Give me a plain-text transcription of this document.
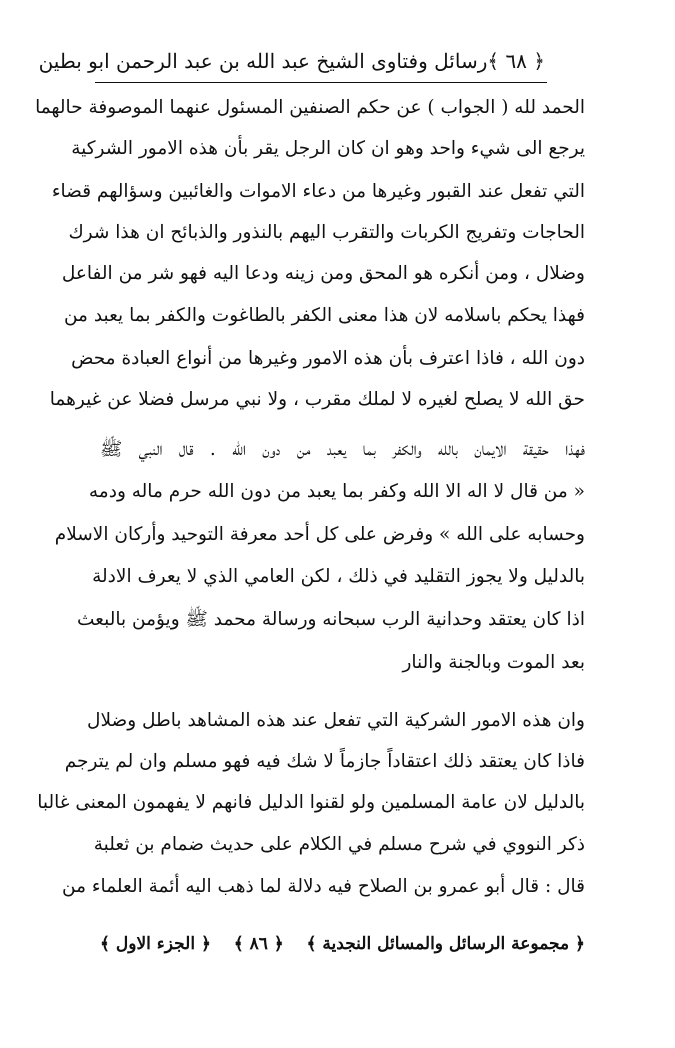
﴿ ٦٨ ﴾
رسائل وفتاوى الشيخ عبد الله بن عبد الرحمن ابو بطين
الحمد لله ( الجواب ) عن حكم الصنفين المسئول عنهما الموصوفة حالهما
يرجع الى شيء واحد وهو ان كان الرجل يقر بأن هذه الامور الشركية
التي تفعل عند القبور وغيرها من دعاء الاموات والغائبين وسؤالهم قضاء
الحاجات وتفريج الكربات والتقرب اليهم بالنذور والذبائح ان هذا شرك
وضلال ، ومن أنكره هو المحق ومن زينه ودعا اليه فهو شر من الفاعل
فهذا يحكم باسلامه لان هذا معنى الكفر بالطاغوت والكفر بما يعبد من
دون الله ، فاذا اعترف بأن هذه الامور وغيرها من أنواع العبادة محض
حق الله لا يصلح لغيره لا لملك مقرب ، ولا نبي مرسل فضلا عن غيرهما
فهذا حقيقة الايمان بالله والكفر بما يعبد من دون الله . قال النبي ﷺ
« من قال لا اله الا الله وكفر بما يعبد من دون الله حرم ماله ودمه
وحسابه على الله » وفرض على كل أحد معرفة التوحيد وأركان الاسلام
بالدليل ولا يجوز التقليد في ذلك ، لكن العامي الذي لا يعرف الادلة
اذا كان يعتقد وحدانية الرب سبحانه ورسالة محمد ﷺ ويؤمن بالبعث
بعد الموت وبالجنة والنار
وان هذه الامور الشركية التي تفعل عند هذه المشاهد باطل وضلال
فاذا كان يعتقد ذلك اعتقاداً جازماً لا شك فيه فهو مسلم وان لم يترجم
بالدليل لان عامة المسلمين ولو لقنوا الدليل فانهم لا يفهمون المعنى غالبا
ذكر النووي في شرح مسلم في الكلام على حديث ضمام بن ثعلبة
قال : قال أبو عمرو بن الصلاح فيه دلالة لما ذهب اليه أئمة العلماء من
﴿ مجموعة الرسائل والمسائل النجدية ﴾
﴿ ٨٦ ﴾
﴿ الجزء الاول ﴾
